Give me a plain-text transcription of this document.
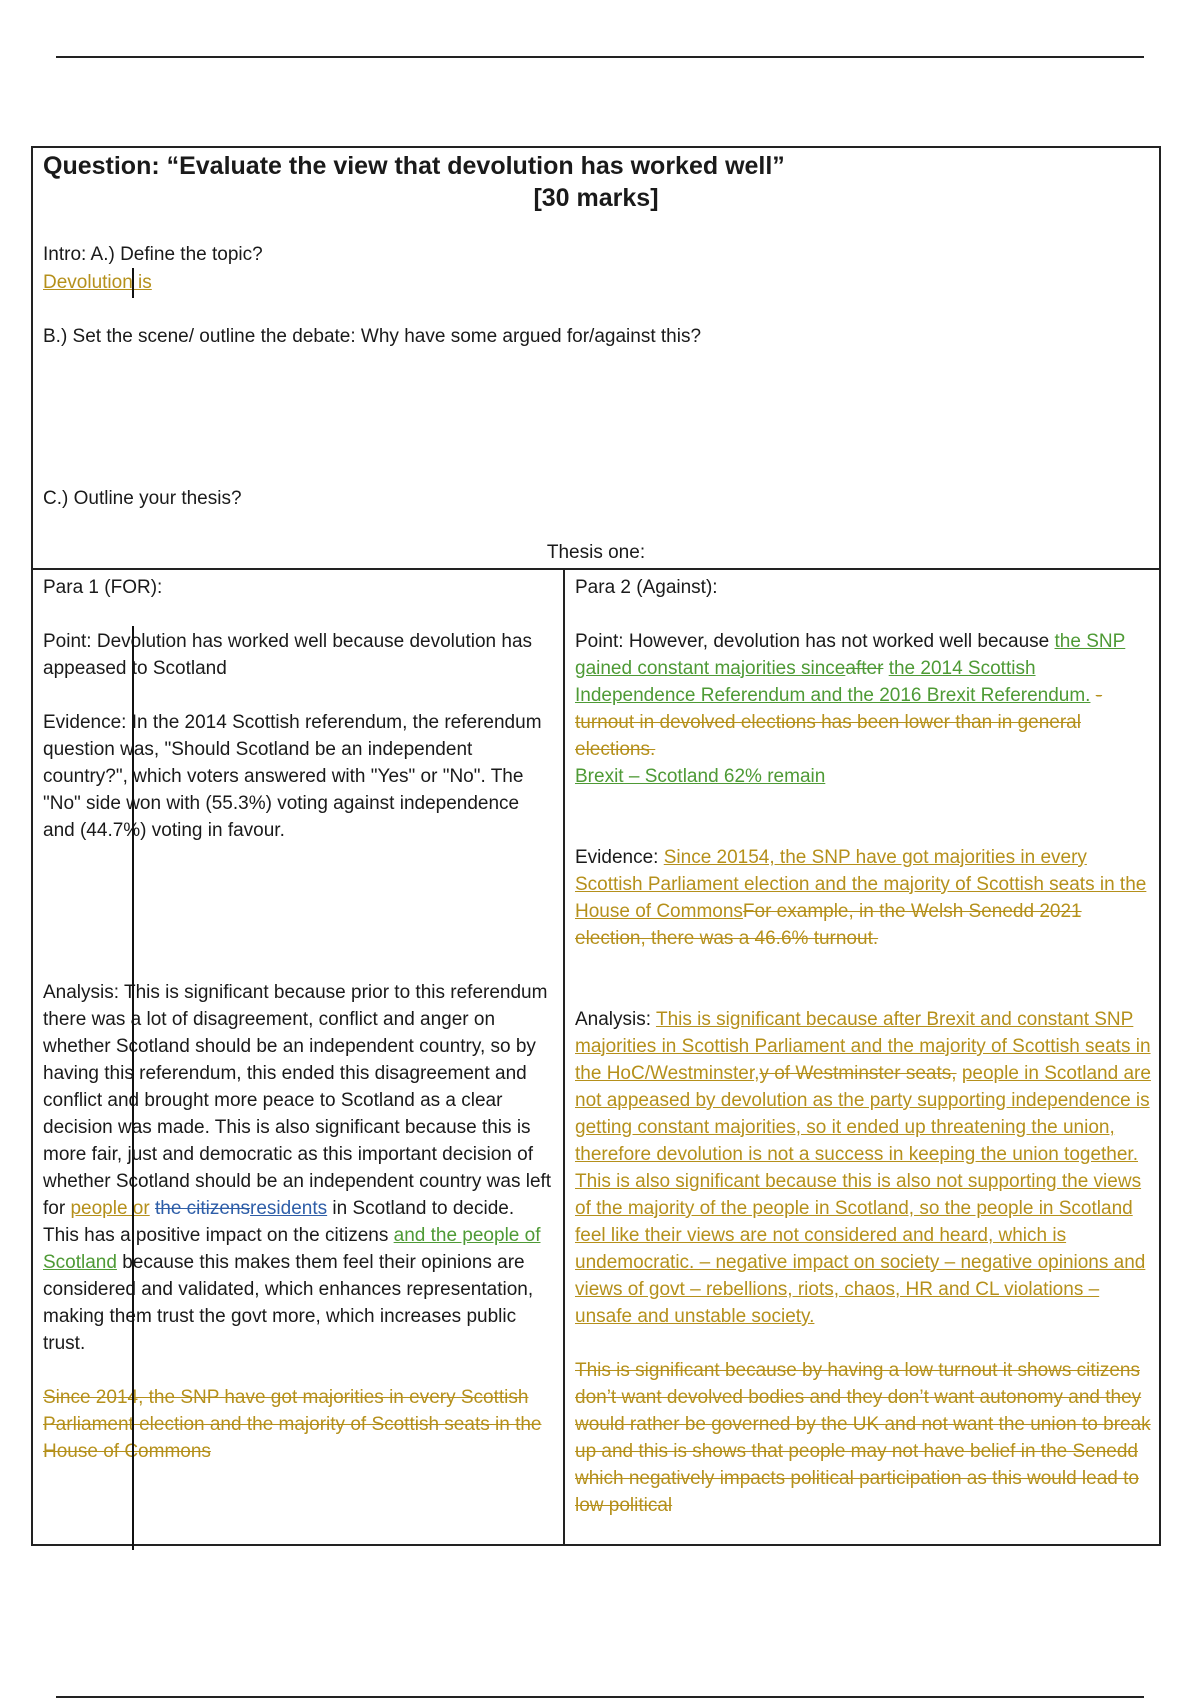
Question: “Evaluate the view that devolution has worked well”
[30 marks]
Intro: A.) Define the topic?
Devolution is
B.) Set the scene/ outline the debate: Why have some argued for/against this?
C.) Outline your thesis?
Thesis one:
Para 1 (FOR):
Point: Devolution has worked well because devolution has appeased to Scotland
Evidence: In the 2014 Scottish referendum, the referendum question was, "Should Scotland be an independent country?", which voters answered with "Yes" or "No". The "No" side won with (55.3%) voting against independence and (44.7%) voting in favour.
Analysis: This is significant because prior to this referendum there was a lot of disagreement, conflict and anger on whether Scotland should be an independent country, so by having this referendum, this ended this disagreement and conflict and brought more peace to Scotland as a clear decision was made. This is also significant because this is more fair, just and democratic as this important decision of whether Scotland should be an independent country was left for people or the citizensresidents in Scotland to decide. This has a positive impact on the citizens and the people of Scotland because this makes them feel their opinions are considered and validated, which enhances representation, making them trust the govt more, which increases public trust.
Since 2014, the SNP have got majorities in every Scottish Parliament election and the majority of Scottish seats in the House of Commons
Para 2 (Against):
Point: However, devolution has not worked well because the SNP gained constant majorities sinceafter the 2014 Scottish Independence Referendum and the 2016 Brexit Referendum. - turnout in devolved elections has been lower than in general elections.
Brexit – Scotland 62% remain
Evidence: Since 20154, the SNP have got majorities in every Scottish Parliament election and the majority of Scottish seats in the House of CommonsFor example, in the Welsh Senedd 2021 election, there was a 46.6% turnout.
Analysis: This is significant because after Brexit and constant SNP majorities in Scottish Parliament and the majority of Scottish seats in the HoC/Westminster,y of Westminster seats, people in Scotland are not appeased by devolution as the party supporting independence is getting constant majorities, so it ended up threatening the union, therefore devolution is not a success in keeping the union together. This is also significant because this is also not supporting the views of the majority of the people in Scotland, so the people in Scotland feel like their views are not considered and heard, which is undemocratic. – negative impact on society – negative opinions and views of govt – rebellions, riots, chaos, HR and CL violations – unsafe and unstable society.
This is significant because by having a low turnout it shows citizens don’t want devolved bodies and they don’t want autonomy and they would rather be governed by the UK and not want the union to break up and this is shows that people may not have belief in the Senedd which negatively impacts political participation as this would lead to low political
